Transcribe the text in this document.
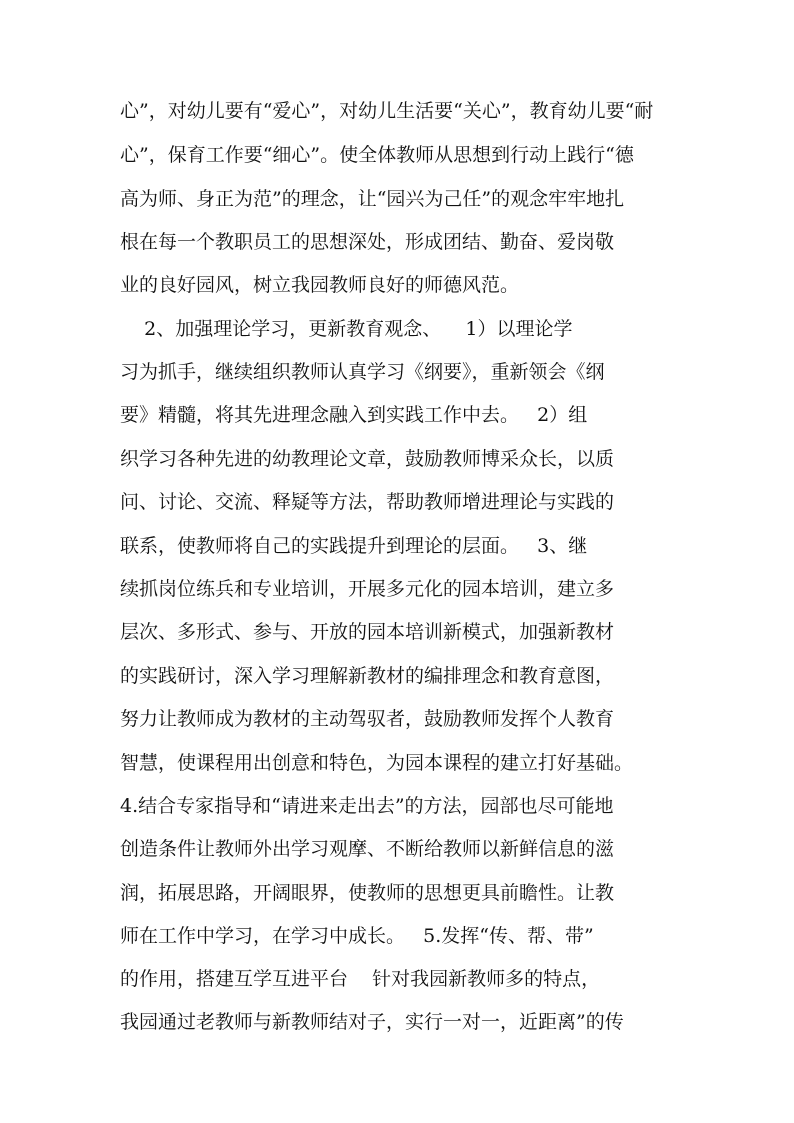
心”，对幼儿要有“爱心”，对幼儿生活要“关心”，教育幼儿要“耐
心”，保育工作要“细心”。使全体教师从思想到行动上践行“德
高为师、身正为范”的理念，让“园兴为己任”的观念牢牢地扎
根在每一个教职员工的思想深处，形成团结、勤奋、爱岗敬
业的良好园风，树立我园教师良好的师德风范。
2、加强理论学习，更新教育观念、    1）以理论学
习为抓手，继续组织教师认真学习《纲要》，重新领会《纲
要》精髓，将其先进理念融入到实践工作中去。   2）组
织学习各种先进的幼教理论文章，鼓励教师博采众长，以质
问、讨论、交流、释疑等方法，帮助教师增进理论与实践的
联系，使教师将自己的实践提升到理论的层面。   3、继
续抓岗位练兵和专业培训，开展多元化的园本培训，建立多
层次、多形式、参与、开放的园本培训新模式，加强新教材
的实践研讨，深入学习理解新教材的编排理念和教育意图，
努力让教师成为教材的主动驾驭者，鼓励教师发挥个人教育
智慧，使课程用出创意和特色，为园本课程的建立打好基础。
4.结合专家指导和“请进来走出去”的方法，园部也尽可能地
创造条件让教师外出学习观摩、不断给教师以新鲜信息的滋
润，拓展思路，开阔眼界，使教师的思想更具前瞻性。让教
师在工作中学习，在学习中成长。   5.发挥“传、帮、带”
的作用，搭建互学互进平台    针对我园新教师多的特点，
我园通过老教师与新教师结对子，实行一对一，近距离”的传
